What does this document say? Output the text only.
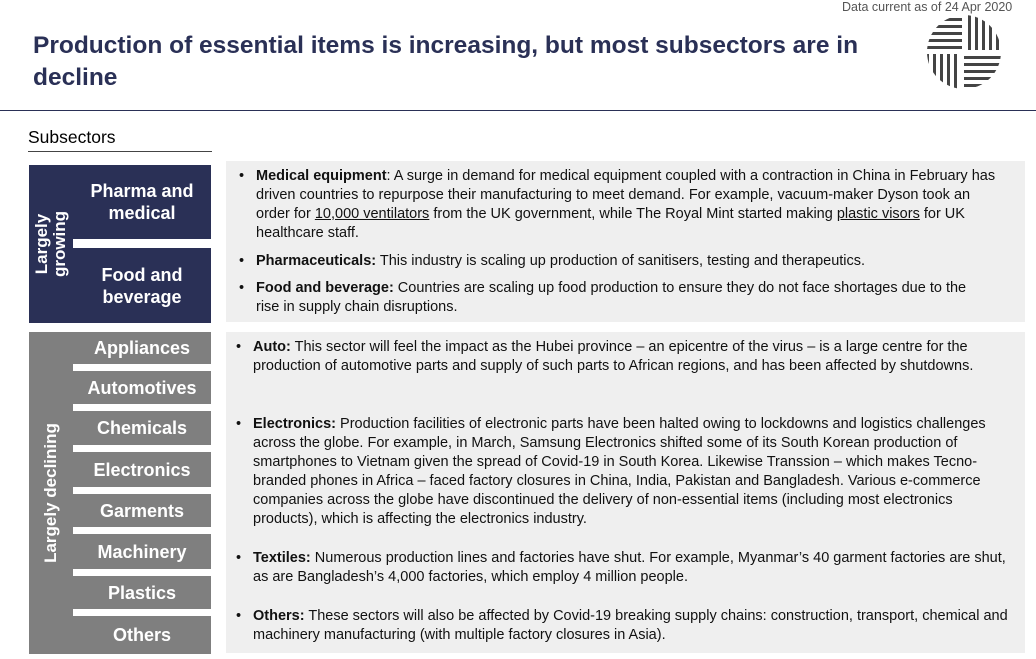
Data current as of 24 Apr 2020
Production of essential items is increasing, but most subsectors are in decline
Subsectors
Largely growing
Largely declining
Pharma and medical
Food and beverage
Appliances
Automotives
Chemicals
Electronics
Garments
Machinery
Plastics
Others
• Medical equipment: A surge in demand for medical equipment coupled with a contraction in China in February has driven countries to repurpose their manufacturing to meet demand. For example, vacuum-maker Dyson took an order for 10,000 ventilators from the UK government, while The Royal Mint started making plastic visors for UK healthcare staff.
• Pharmaceuticals: This industry is scaling up production of sanitisers, testing and therapeutics.
• Food and beverage: Countries are scaling up food production to ensure they do not face shortages due to the rise in supply chain disruptions.
• Auto: This sector will feel the impact as the Hubei province – an epicentre of the virus – is a large centre for the production of automotive parts and supply of such parts to African regions, and has been affected by shutdowns.
• Electronics: Production facilities of electronic parts have been halted owing to lockdowns and logistics challenges across the globe. For example, in March, Samsung Electronics shifted some of its South Korean production of smartphones to Vietnam given the spread of Covid-19 in South Korea. Likewise Transsion – which makes Tecno-branded phones in Africa – faced factory closures in China, India, Pakistan and Bangladesh. Various e-commerce companies across the globe have discontinued the delivery of non-essential items (including most electronics products), which is affecting the electronics industry.
• Textiles: Numerous production lines and factories have shut. For example, Myanmar’s 40 garment factories are shut, as are Bangladesh’s 4,000 factories, which employ 4 million people.
• Others: These sectors will also be affected by Covid-19 breaking supply chains: construction, transport, chemical and machinery manufacturing (with multiple factory closures in Asia).
